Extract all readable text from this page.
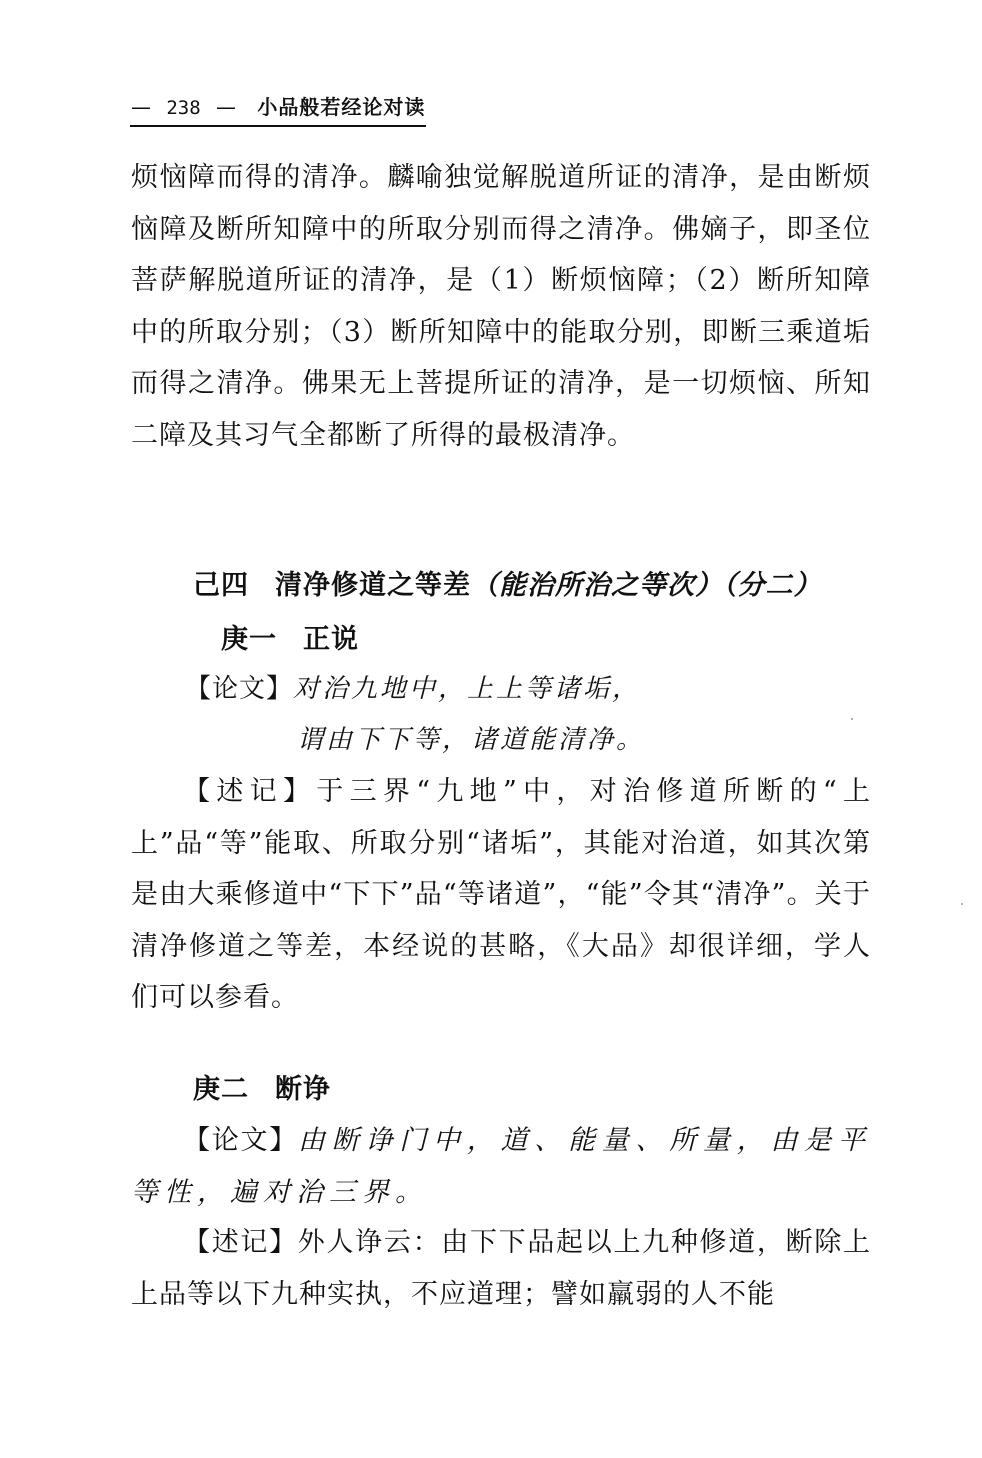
— 238 — 小品般若经论对读
烦恼障而得的清净。麟喻独觉解脱道所证的清净，是由断烦恼障及断所知障中的所取分别而得之清净。佛嫡子，即圣位菩萨解脱道所证的清净，是（1）断烦恼障；（2）断所知障中的所取分别；（3）断所知障中的能取分别，即断三乘道垢而得之清净。佛果无上菩提所证的清净，是一切烦恼、所知二障及其习气全都断了所得的最极清净。
己四 清净修道之等差（能治所治之等次）（分二）
庚一 正说
【论文】对治九地中，上上等诸垢，
谓由下下等，诸道能清净。
【述记】于三界“九地”中，对治修道所断的“上上”品“等”能取、所取分别“诸垢”，其能对治道，如其次第是由大乘修道中“下下”品“等诸道”，“能”令其“清净”。关于清净修道之等差，本经说的甚略，《大品》却很详细，学人们可以参看。
庚二 断诤
【论文】由断诤门中，道、能量、所量，由是平等性，遍对治三界。
【述记】外人诤云：由下下品起以上九种修道，断除上上品等以下九种实执，不应道理；譬如羸弱的人不能
